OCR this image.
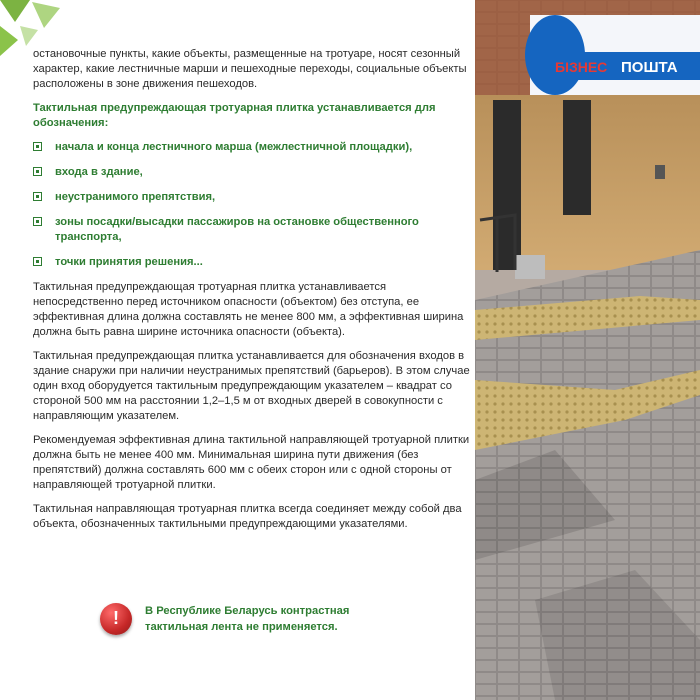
остановочные пункты, какие объекты, размещенные на тротуаре, носят сезонный характер, какие лестничные марши и пешеходные переходы, социальные объекты расположены в зоне движения пешеходов.

Тактильная предупреждающая тротуарная плитка устанавливается для обозначения:

начала и конца лестничного марша (межлестничной площадки),
входа в здание,
неустранимого препятствия,
зоны посадки/высадки пассажиров на остановке общественного транспорта,
точки принятия решения...

Тактильная предупреждающая тротуарная плитка устанавливается непосредственно перед источником опасности (объектом) без отступа, ее эффективная длина должна составлять не менее 800 мм, а эффективная ширина должна быть равна ширине источника опасности (объекта).

Тактильная предупреждающая плитка устанавливается для обозначения входов в здание снаружи при наличии неустранимых препятствий (барьеров). В этом случае один вход оборудуется тактильным предупреждающим указателем – квадрат со стороной 500 мм на расстоянии 1,2–1,5 м от входных дверей в совокупности с направляющим указателем.

Рекомендуемая эффективная длина тактильной направляющей тротуарной плитки должна быть не менее 400 мм. Минимальная ширина пути движения (без препятствий) должна составлять 600 мм с обеих сторон или с одной стороны от направляющей тротуарной плитки.

Тактильная направляющая тротуарная плитка всегда соединяет между собой два объекта, обозначенных тактильными предупреждающими указателями.

!	В Республике Беларусь контрастная
тактильная лента не применяется.
БIЗНЕС ПОШТА
